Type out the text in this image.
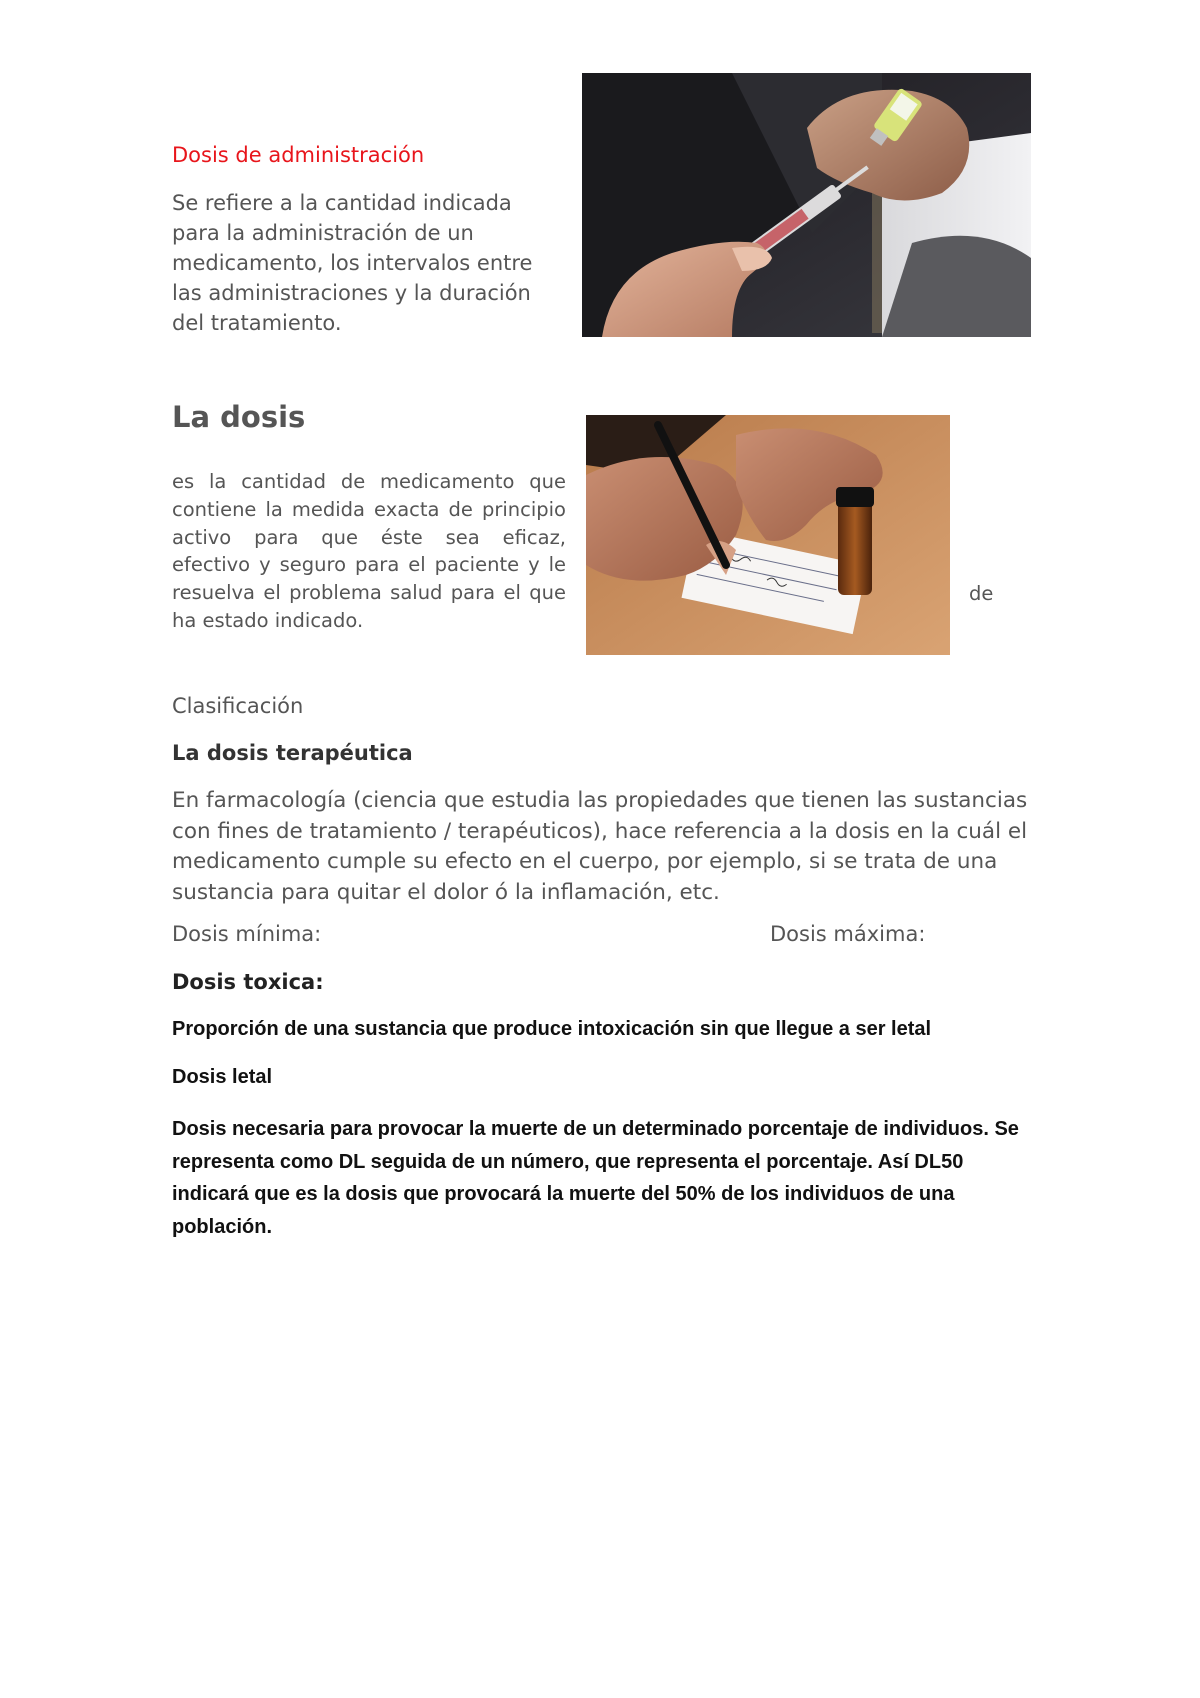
Dosis de administración
Se refiere a la cantidad indicada para la administración de un medicamento, los intervalos entre las administraciones y la duración del tratamiento.
La dosis
es la cantidad de medicamento que contiene la medida exacta de principio activo para que éste sea eficaz, efectivo y seguro para el paciente y le resuelva el problema salud para el que ha estado indicado.
de
Clasificación
La dosis terapéutica
En farmacología (ciencia que estudia las propiedades que tienen las sustancias con fines de tratamiento / terapéuticos), hace referencia a la dosis en la cuál el medicamento cumple su efecto en el cuerpo, por ejemplo, si se trata de una sustancia para quitar el dolor ó la inflamación, etc.
Dosis mínima:	Dosis máxima:
Dosis toxica:
Proporción de una sustancia que produce intoxicación sin que llegue a ser letal
Dosis letal
Dosis necesaria para provocar la muerte de un determinado porcentaje de individuos. Se representa como DL seguida de un número, que representa el porcentaje. Así DL50 indicará que es la dosis que provocará la muerte del 50% de los individuos de una población.
